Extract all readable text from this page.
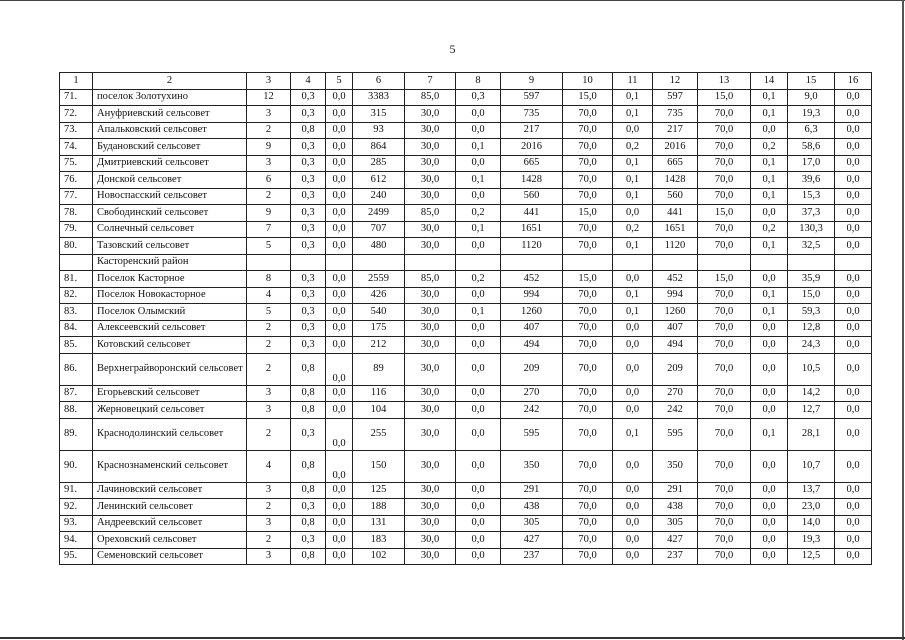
5
1	2	3	4	5	6	7	8	9	10	11	12	13	14	15	16
71.	поселок Золотухино	12	0,3	0,0	3383	85,0	0,3	597	15,0	0,1	597	15,0	0,1	9,0	0,0
72.	Ануфриевский сельсовет	3	0,3	0,0	315	30,0	0,0	735	70,0	0,1	735	70,0	0,1	19,3	0,0
73.	Апальковский сельсовет	2	0,8	0,0	93	30,0	0,0	217	70,0	0,0	217	70,0	0,0	6,3	0,0
74.	Будановский сельсовет	9	0,3	0,0	864	30,0	0,1	2016	70,0	0,2	2016	70,0	0,2	58,6	0,0
75.	Дмитриевский сельсовет	3	0,3	0,0	285	30,0	0,0	665	70,0	0,1	665	70,0	0,1	17,0	0,0
76.	Донской сельсовет	6	0,3	0,0	612	30,0	0,1	1428	70,0	0,1	1428	70,0	0,1	39,6	0,0
77.	Новоспасский сельсовет	2	0,3	0,0	240	30,0	0,0	560	70,0	0,1	560	70,0	0,1	15,3	0,0
78.	Свободинский сельсовет	9	0,3	0,0	2499	85,0	0,2	441	15,0	0,0	441	15,0	0,0	37,3	0,0
79.	Солнечный сельсовет	7	0,3	0,0	707	30,0	0,1	1651	70,0	0,2	1651	70,0	0,2	130,3	0,0
80.	Тазовский сельсовет	5	0,3	0,0	480	30,0	0,0	1120	70,0	0,1	1120	70,0	0,1	32,5	0,0
	Касторенский район														
81.	Поселок Касторное	8	0,3	0,0	2559	85,0	0,2	452	15,0	0,0	452	15,0	0,0	35,9	0,0
82.	Поселок Новокасторное	4	0,3	0,0	426	30,0	0,0	994	70,0	0,1	994	70,0	0,1	15,0	0,0
83.	Поселок Олымский	5	0,3	0,0	540	30,0	0,1	1260	70,0	0,1	1260	70,0	0,1	59,3	0,0
84.	Алексеевский сельсовет	2	0,3	0,0	175	30,0	0,0	407	70,0	0,0	407	70,0	0,0	12,8	0,0
85.	Котовский сельсовет	2	0,3	0,0	212	30,0	0,0	494	70,0	0,0	494	70,0	0,0	24,3	0,0
86.	Верхнеграйворонский сельсовет	2	0,8	0,0	89	30,0	0,0	209	70,0	0,0	209	70,0	0,0	10,5	0,0
87.	Егорьевский сельсовет	3	0,8	0,0	116	30,0	0,0	270	70,0	0,0	270	70,0	0,0	14,2	0,0
88.	Жерновецкий сельсовет	3	0,8	0,0	104	30,0	0,0	242	70,0	0,0	242	70,0	0,0	12,7	0,0
89.	Краснодолинский сельсовет	2	0,3	0,0	255	30,0	0,0	595	70,0	0,1	595	70,0	0,1	28,1	0,0
90.	Краснознаменский сельсовет	4	0,8	0,0	150	30,0	0,0	350	70,0	0,0	350	70,0	0,0	10,7	0,0
91.	Лачиновский сельсовет	3	0,8	0,0	125	30,0	0,0	291	70,0	0,0	291	70,0	0,0	13,7	0,0
92.	Ленинский сельсовет	2	0,3	0,0	188	30,0	0,0	438	70,0	0,0	438	70,0	0,0	23,0	0,0
93.	Андреевский сельсовет	3	0,8	0,0	131	30,0	0,0	305	70,0	0,0	305	70,0	0,0	14,0	0,0
94.	Ореховский сельсовет	2	0,3	0,0	183	30,0	0,0	427	70,0	0,0	427	70,0	0,0	19,3	0,0
95.	Семеновский сельсовет	3	0,8	0,0	102	30,0	0,0	237	70,0	0,0	237	70,0	0,0	12,5	0,0
